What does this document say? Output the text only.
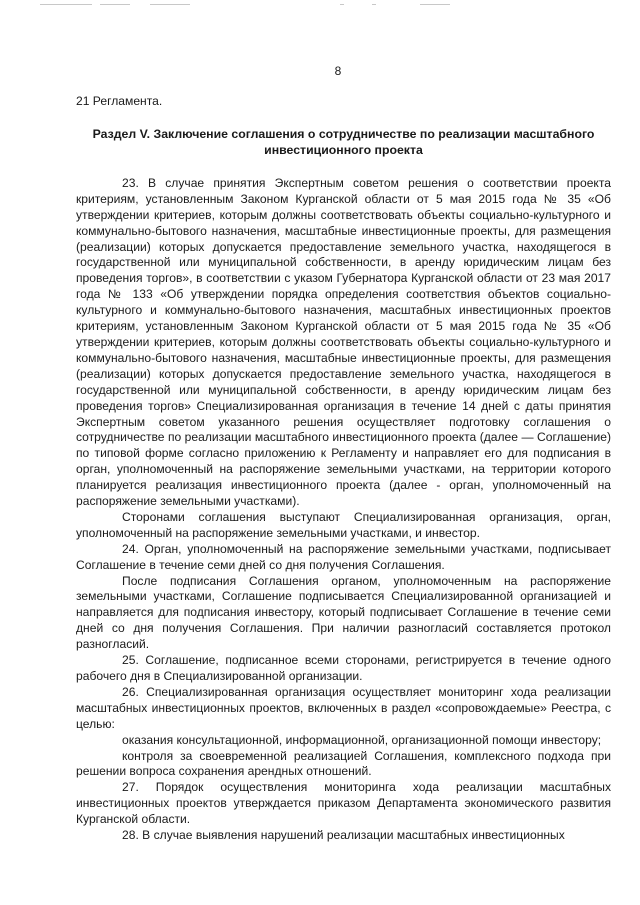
8

21 Регламента.

Раздел V. Заключение соглашения о сотрудничестве по реализации масштабного
инвестиционного проекта

23. В случае принятия Экспертным советом решения о соответствии проекта критериям, установленным Законом Курганской области от 5 мая 2015 года № 35 «Об утверждении критериев, которым должны соответствовать объекты социально-культурного и коммунально-бытового назначения, масштабные инвестиционные проекты, для размещения (реализации) которых допускается предоставление земельного участка, находящегося в государственной или муниципальной собственности, в аренду юридическим лицам без проведения торгов», в соответствии с указом Губернатора Курганской области от 23 мая 2017 года № 133 «Об утверждении порядка определения соответствия объектов социально-культурного и коммунально-бытового назначения, масштабных инвестиционных проектов критериям, установленным Законом Курганской области от 5 мая 2015 года № 35 «Об утверждении критериев, которым должны соответствовать объекты социально-культурного и коммунально-бытового назначения, масштабные инвестиционные проекты, для размещения (реализации) которых допускается предоставление земельного участка, находящегося в государственной или муниципальной собственности, в аренду юридическим лицам без проведения торгов» Специализированная организация в течение 14 дней с даты принятия Экспертным советом указанного решения осуществляет подготовку соглашения о сотрудничестве по реализации масштабного инвестиционного проекта (далее — Соглашение) по типовой форме согласно приложению к Регламенту и направляет его для подписания в орган, уполномоченный на распоряжение земельными участками, на территории которого планируется реализация инвестиционного проекта (далее - орган, уполномоченный на распоряжение земельными участками).

Сторонами соглашения выступают Специализированная организация, орган, уполномоченный на распоряжение земельными участками, и инвестор.

24. Орган, уполномоченный на распоряжение земельными участками, подписывает Соглашение в течение семи дней со дня получения Соглашения.

После подписания Соглашения органом, уполномоченным на распоряжение земельными участками, Соглашение подписывается Специализированной организацией и направляется для подписания инвестору, который подписывает Соглашение в течение семи дней со дня получения Соглашения. При наличии разногласий составляется протокол разногласий.

25. Соглашение, подписанное всеми сторонами, регистрируется в течение одного рабочего дня в Специализированной организации.

26. Специализированная организация осуществляет мониторинг хода реализации масштабных инвестиционных проектов, включенных в раздел «сопровождаемые» Реестра, с целью:

оказания консультационной, информационной, организационной помощи инвестору;

контроля за своевременной реализацией Соглашения, комплексного подхода при решении вопроса сохранения арендных отношений.

27. Порядок осуществления мониторинга хода реализации масштабных инвестиционных проектов утверждается приказом Департамента экономического развития Курганской области.

28. В случае выявления нарушений реализации масштабных инвестиционных
